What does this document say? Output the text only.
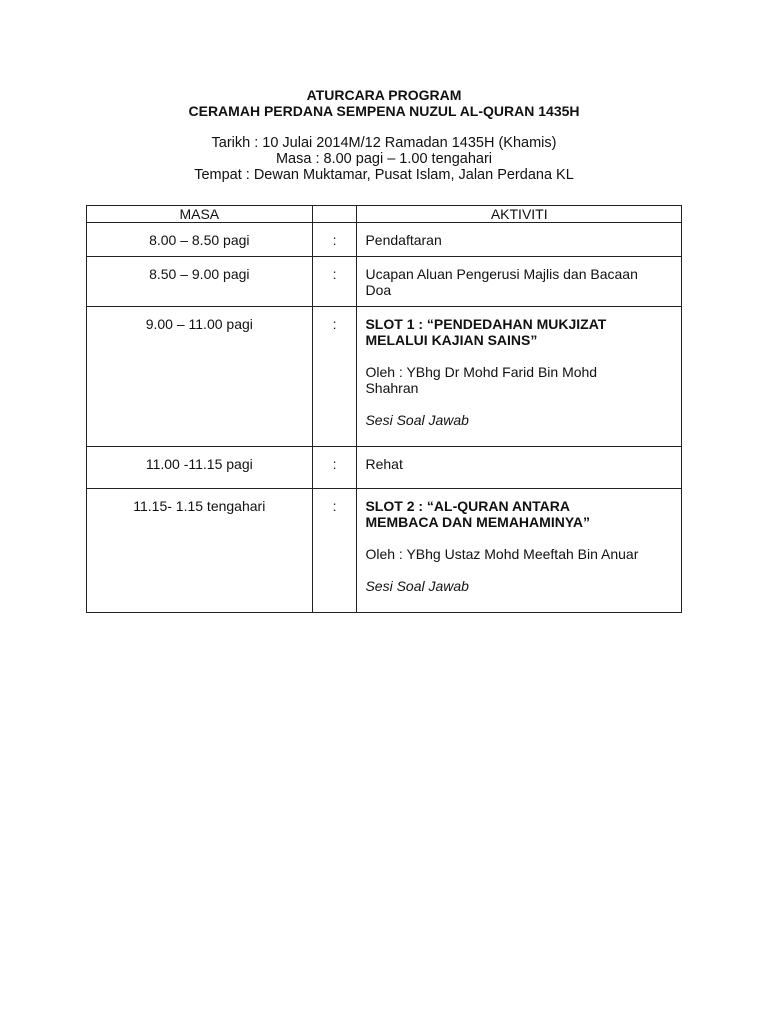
ATURCARA PROGRAM
CERAMAH PERDANA SEMPENA NUZUL AL-QURAN 1435H
Tarikh : 10 Julai 2014M/12 Ramadan 1435H (Khamis)
Masa : 8.00 pagi – 1.00 tengahari
Tempat : Dewan Muktamar, Pusat Islam, Jalan Perdana KL
MASA		AKTIVITI
8.00 – 8.50 pagi	:	Pendaftaran

8.50 – 9.00 pagi	:	Ucapan Aluan Pengerusi Majlis dan Bacaan
Doa

9.00 – 11.00 pagi	:	SLOT 1 : “PENDEDAHAN MUKJIZAT
MELALUI KAJIAN SAINS”
Oleh : YBhg Dr Mohd Farid Bin Mohd
Shahran
Sesi Soal Jawab

11.00 -11.15 pagi	:	Rehat

11.15- 1.15 tengahari	:	SLOT 2 : “AL-QURAN ANTARA
MEMBACA DAN MEMAHAMINYA”
Oleh : YBhg Ustaz Mohd Meeftah Bin Anuar
Sesi Soal Jawab
